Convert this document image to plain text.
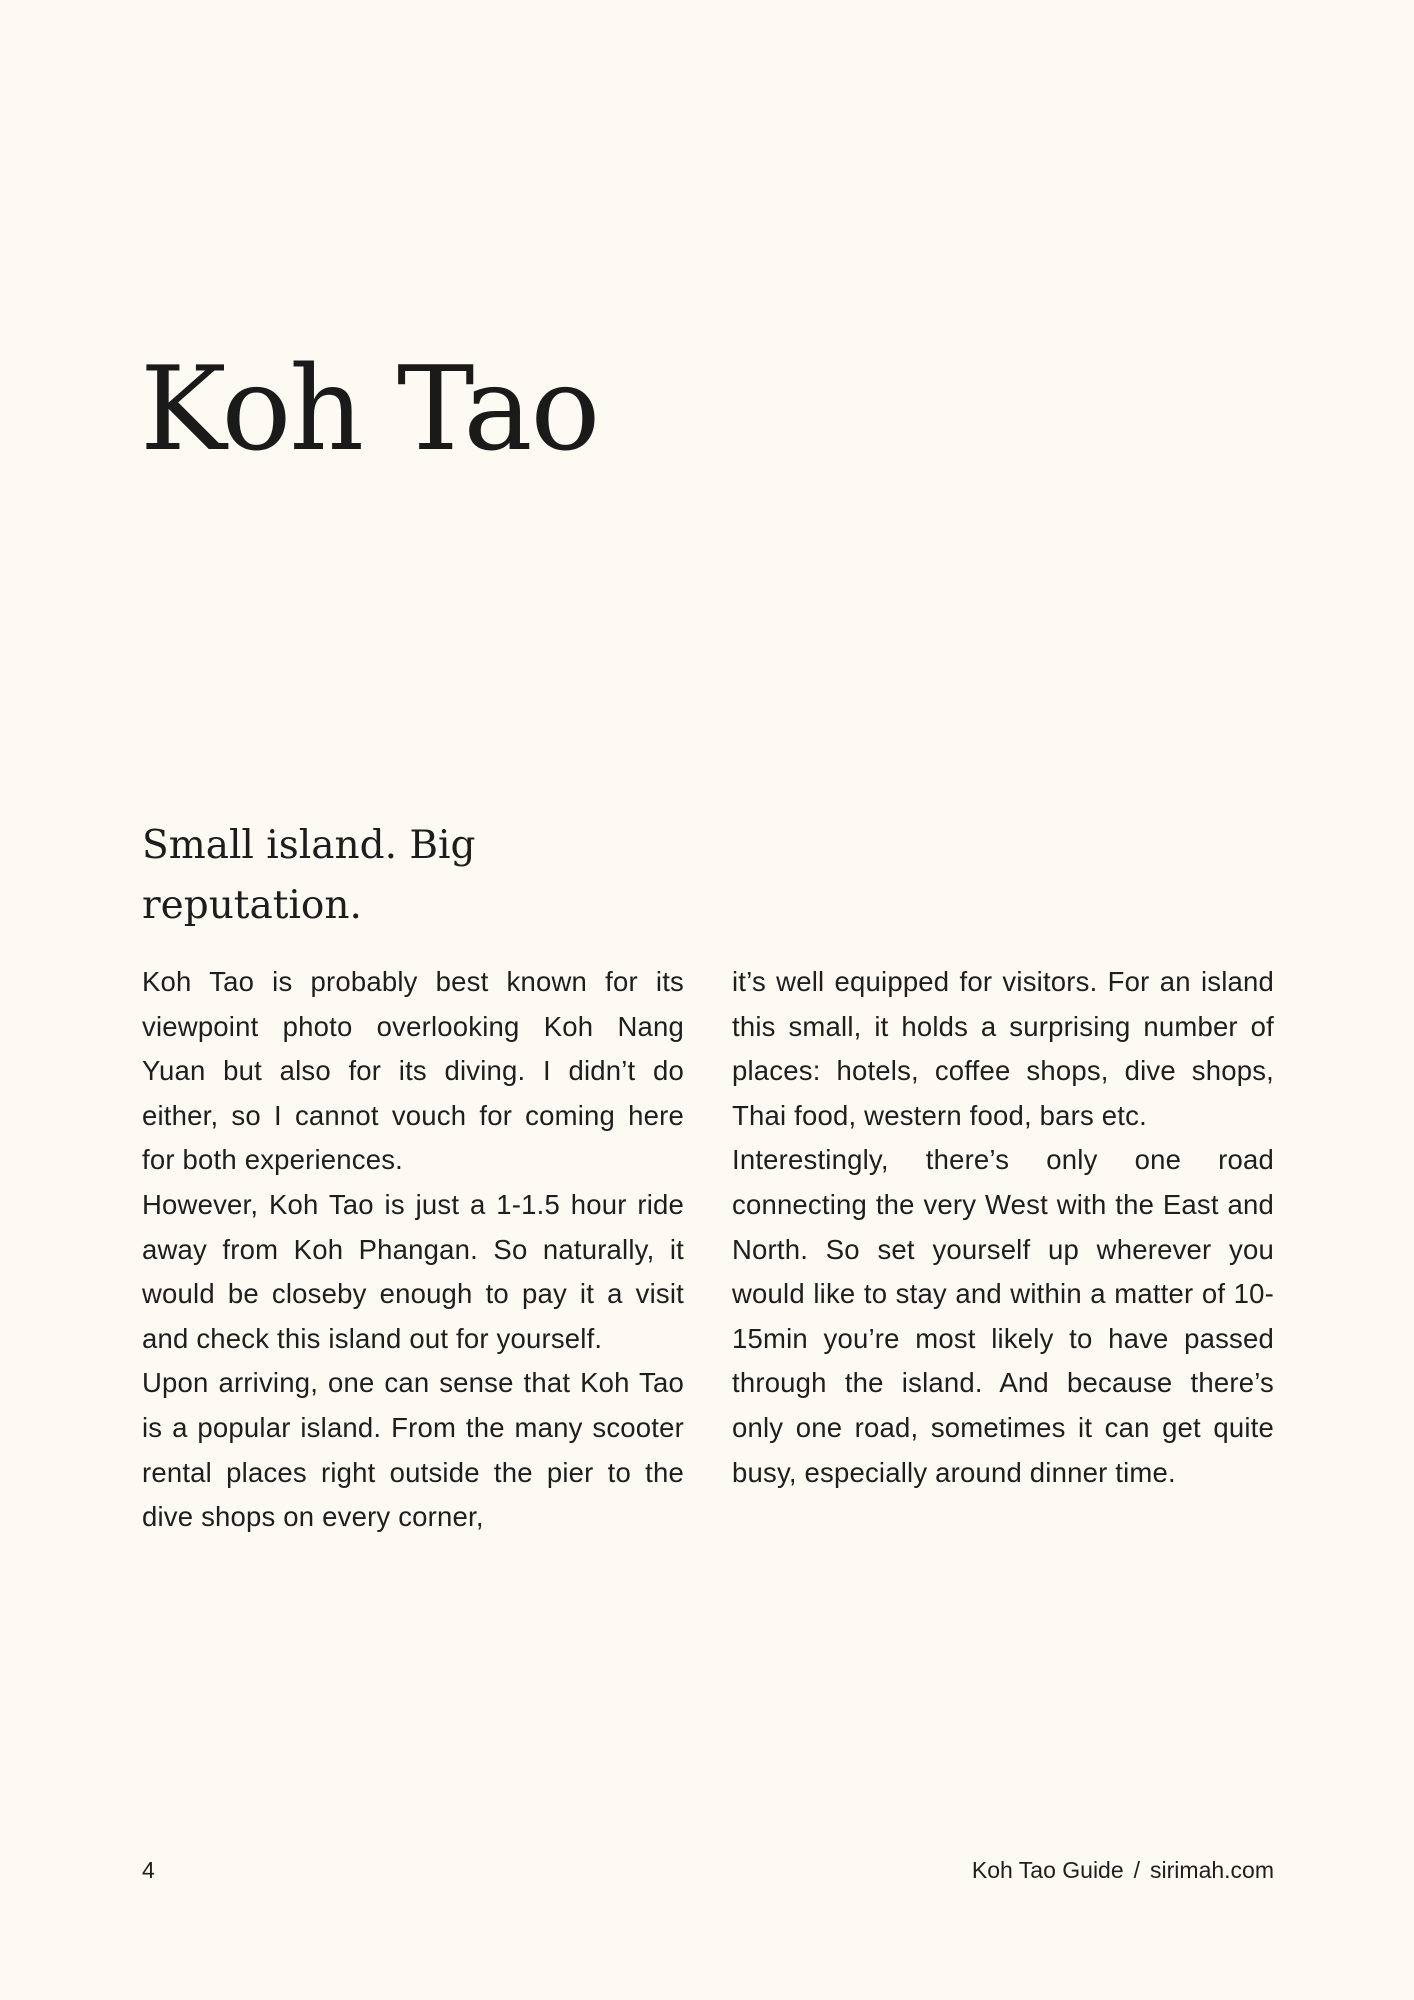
Koh Tao
Small island. Big reputation.

Koh Tao is probably best known for its viewpoint photo overlooking Koh Nang Yuan but also for its diving. I didn’t do either, so I cannot vouch for coming here for both experiences.

However, Koh Tao is just a 1-1.5 hour ride away from Koh Phangan. So naturally, it would be closeby enough to pay it a visit and check this island out for yourself.

Upon arriving, one can sense that Koh Tao is a popular island. From the many scooter rental places right outside the pier to the dive shops on every corner,

it’s well equipped for visitors. For an island this small, it holds a surprising number of places: hotels, coffee shops, dive shops, Thai food, western food, bars etc.

Interestingly, there’s only one road connecting the very West with the East and North. So set yourself up wherever you would like to stay and within a matter of 10-15min you’re most likely to have passed through the island. And because there’s only one road, sometimes it can get quite busy, especially around dinner time.

4	Koh Tao Guide / sirimah.com
